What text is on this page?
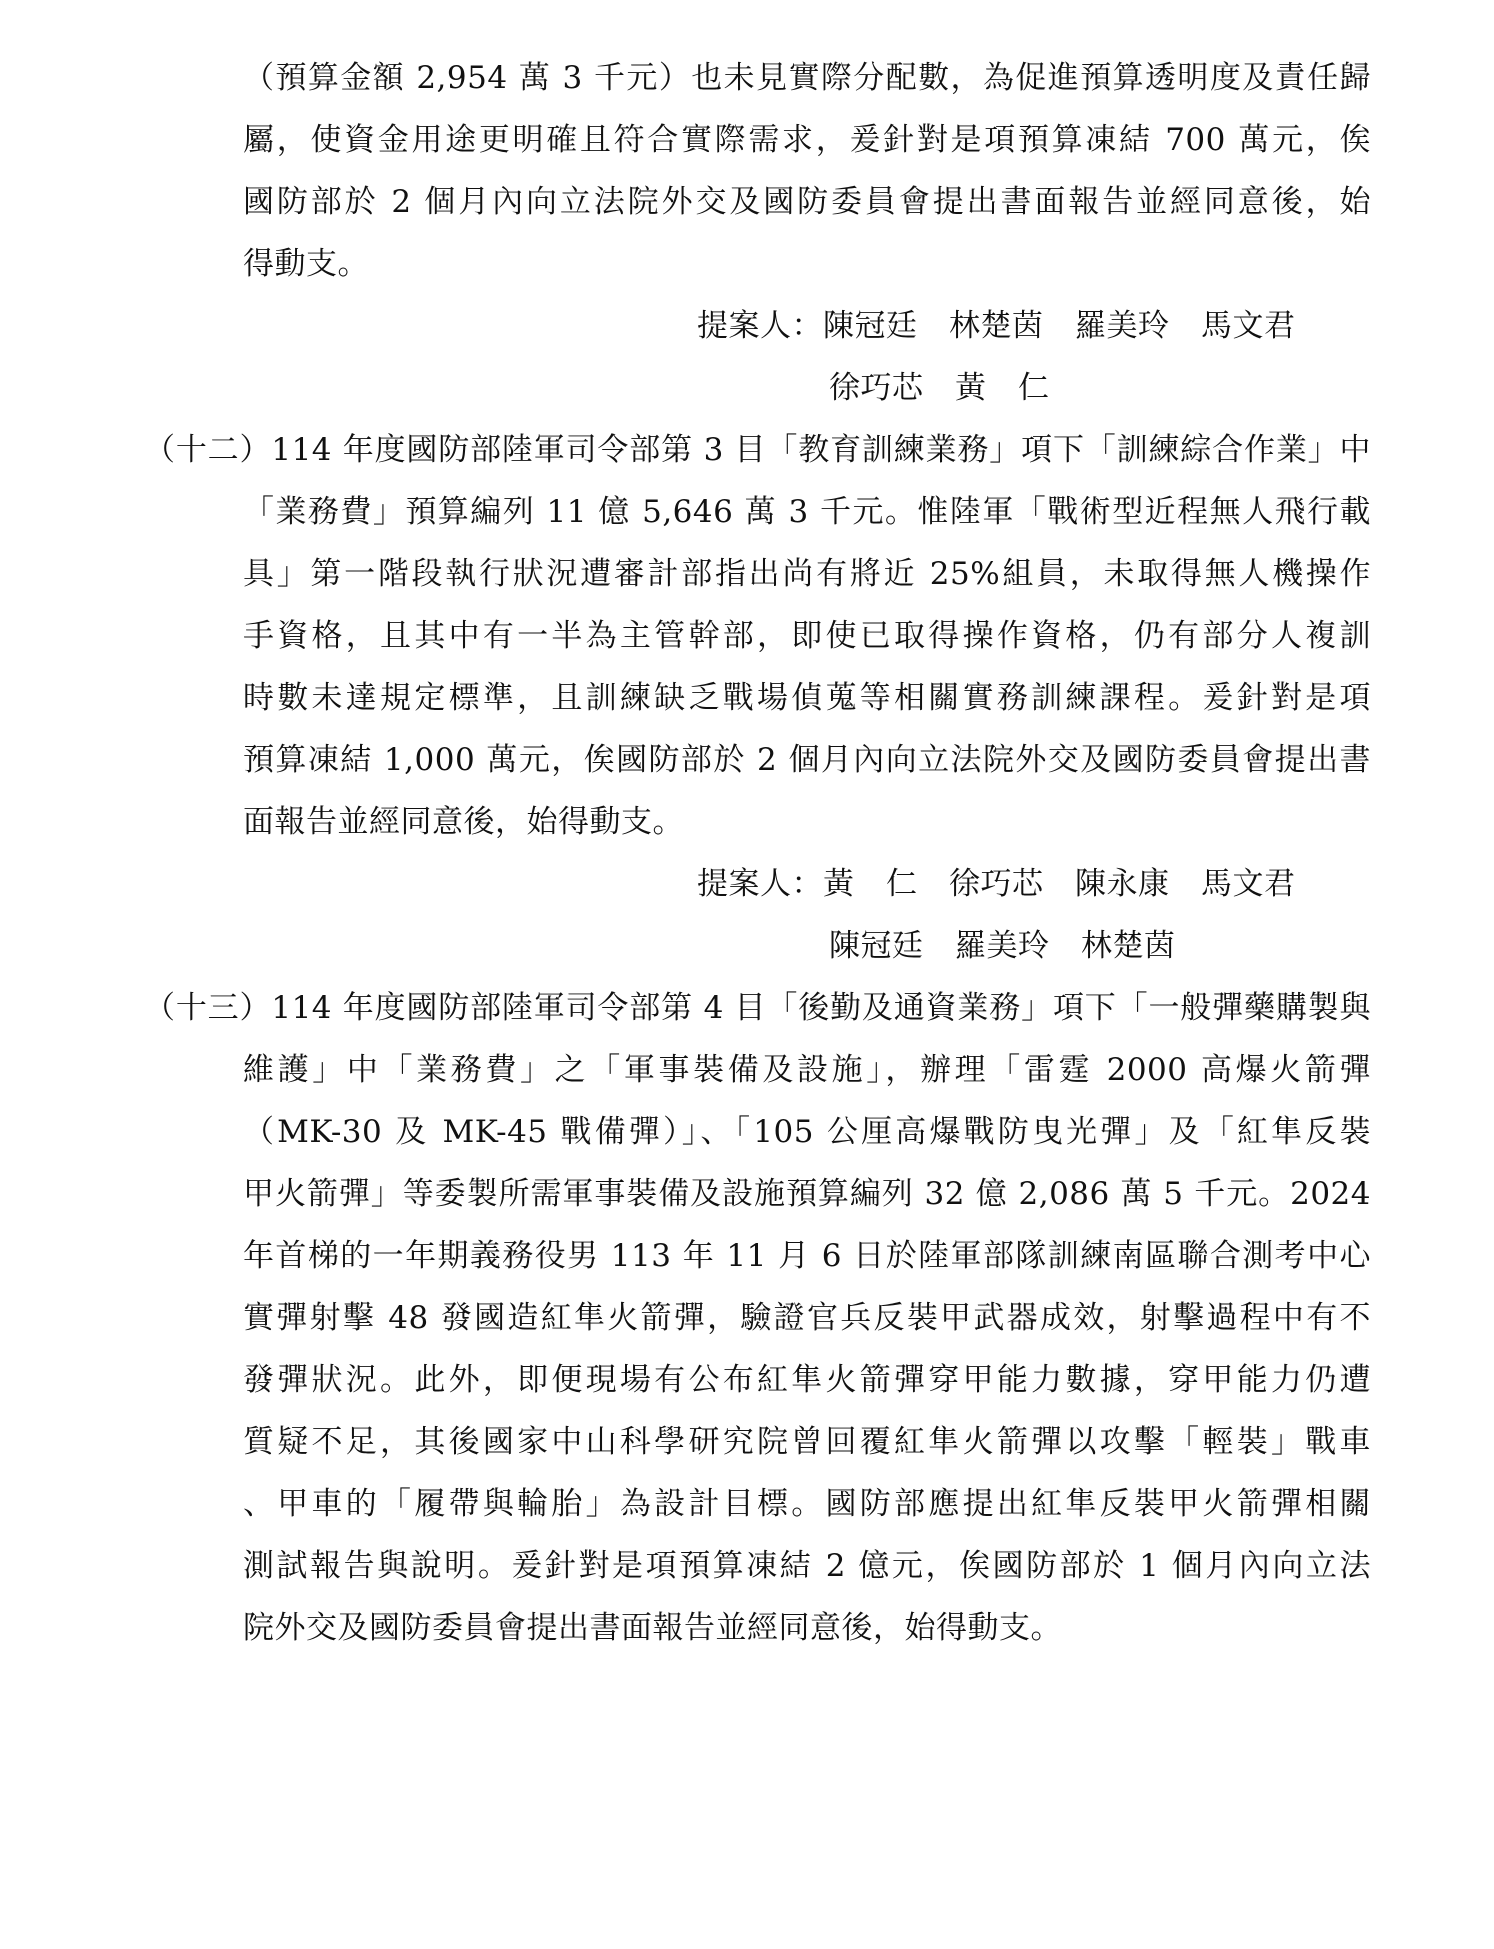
（預算金額 2,954 萬 3 千元）也未見實際分配數，為促進預算透明度及責任歸
屬，使資金用途更明確且符合實際需求，爰針對是項預算凍結 700 萬元，俟
國防部於 2 個月內向立法院外交及國防委員會提出書面報告並經同意後，始
得動支。
提案人：陳冠廷　林楚茵　羅美玲　馬文君
徐巧芯　黃　仁
（十二）114 年度國防部陸軍司令部第 3 目「教育訓練業務」項下「訓練綜合作業」中
「業務費」預算編列 11 億 5,646 萬 3 千元。惟陸軍「戰術型近程無人飛行載
具」第一階段執行狀況遭審計部指出尚有將近 25%組員，未取得無人機操作
手資格，且其中有一半為主管幹部，即使已取得操作資格，仍有部分人複訓
時數未達規定標準，且訓練缺乏戰場偵蒐等相關實務訓練課程。爰針對是項
預算凍結 1,000 萬元，俟國防部於 2 個月內向立法院外交及國防委員會提出書
面報告並經同意後，始得動支。
提案人：黃　仁　徐巧芯　陳永康　馬文君
陳冠廷　羅美玲　林楚茵
（十三）114 年度國防部陸軍司令部第 4 目「後勤及通資業務」項下「一般彈藥購製與
維護」中「業務費」之「軍事裝備及設施」，辦理「雷霆 2000 高爆火箭彈
（MK-30 及 MK-45 戰備彈）」、「105 公厘高爆戰防曳光彈」及「紅隼反裝
甲火箭彈」等委製所需軍事裝備及設施預算編列 32 億 2,086 萬 5 千元。2024
年首梯的一年期義務役男 113 年 11 月 6 日於陸軍部隊訓練南區聯合測考中心
實彈射擊 48 發國造紅隼火箭彈，驗證官兵反裝甲武器成效，射擊過程中有不
發彈狀況。此外，即便現場有公布紅隼火箭彈穿甲能力數據，穿甲能力仍遭
質疑不足，其後國家中山科學研究院曾回覆紅隼火箭彈以攻擊「輕裝」戰車
、甲車的「履帶與輪胎」為設計目標。國防部應提出紅隼反裝甲火箭彈相關
測試報告與說明。爰針對是項預算凍結 2 億元，俟國防部於 1 個月內向立法
院外交及國防委員會提出書面報告並經同意後，始得動支。
